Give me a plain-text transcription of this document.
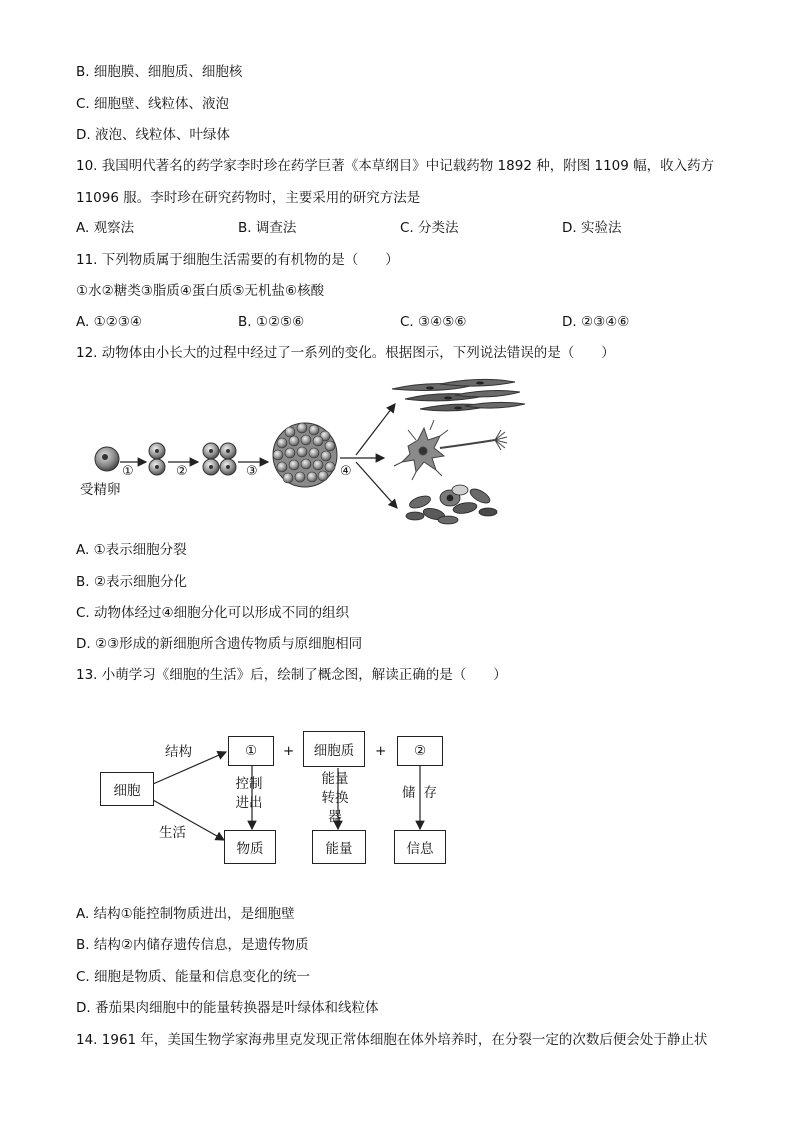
B. 细胞膜、细胞质、细胞核
C. 细胞壁、线粒体、液泡
D. 液泡、线粒体、叶绿体
10. 我国明代著名的药学家李时珍在药学巨著《本草纲目》中记载药物 1892 种，附图 1109 幅，收入药方
11096 服。李时珍在研究药物时，主要采用的研究方法是
A. 观察法	B. 调查法	C. 分类法	D. 实验法
11. 下列物质属于细胞生活需要的有机物的是（　　）
①水②糖类③脂质④蛋白质⑤无机盐⑥核酸
A. ①②③④	B. ①②⑤⑥	C. ③④⑤⑥	D. ②③④⑥
12. 动物体由小长大的过程中经过了一系列的变化。根据图示，下列说法错误的是（　　）
①	②	③	④
受精卵
A. ①表示细胞分裂
B. ②表示细胞分化
C. 动物体经过④细胞分化可以形成不同的组织
D. ②③形成的新细胞所含遗传物质与原细胞相同
13. 小萌学习《细胞的生活》后，绘制了概念图，解读正确的是（　　）
细胞
①	细胞质	②
物质	能量	信息
+	+
结构
生活
控制进出
能量转换器
储存
A. 结构①能控制物质进出，是细胞壁
B. 结构②内储存遗传信息，是遗传物质
C. 细胞是物质、能量和信息变化的统一
D. 番茄果肉细胞中的能量转换器是叶绿体和线粒体
14. 1961 年，美国生物学家海弗里克发现正常体细胞在体外培养时，在分裂一定的次数后便会处于静止状
